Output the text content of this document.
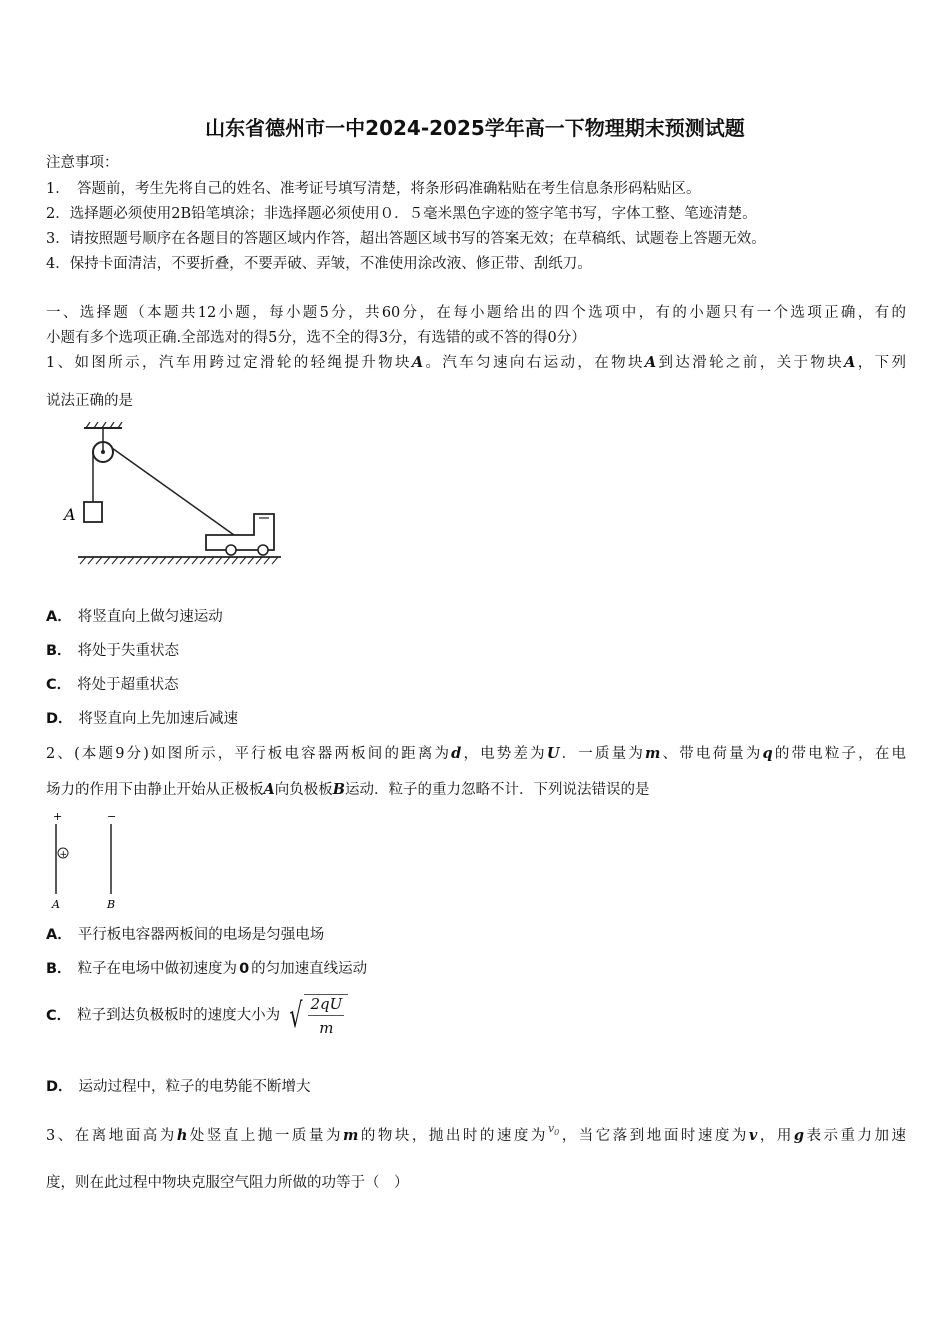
山东省德州市一中2024-2025学年高一下物理期末预测试题
注意事项：
1．　答题前，考生先将自己的姓名、准考证号填写清楚，将条形码准确粘贴在考生信息条形码粘贴区。
2．选择题必须使用2B铅笔填涂；非选择题必须使用０．５毫米黑色字迹的签字笔书写，字体工整、笔迹清楚。
3．请按照题号顺序在各题目的答题区域内作答，超出答题区域书写的答案无效；在草稿纸、试题卷上答题无效。
4．保持卡面清洁，不要折叠，不要弄破、弄皱，不准使用涂改液、修正带、刮纸刀。
一、选择题（本题共12小题，每小题5分，共60分，在每小题给出的四个选项中，有的小题只有一个选项正确，有的
小题有多个选项正确.全部选对的得5分，选不全的得3分，有选错的或不答的得0分）
1、如图所示，汽车用跨过定滑轮的轻绳提升物块A。汽车匀速向右运动，在物块A到达滑轮之前，关于物块A，下列
说法正确的是
A
A． 将竖直向上做匀速运动
B． 将处于失重状态
C． 将处于超重状态
D． 将竖直向上先加速后减速
2、(本题9分)如图所示，平行板电容器两板间的距离为d，电势差为U．一质量为m、带电荷量为q的带电粒子，在电
场力的作用下由静止开始从正极板A向负极板B运动．粒子的重力忽略不计．下列说法错误的是
+	−
+
A	B
A． 平行板电容器两板间的电场是匀强电场
B． 粒子在电场中做初速度为 0 的匀加速直线运动
C． 粒子到达负极板时的速度大小为 √ 2qU
m
D． 运动过程中，粒子的电势能不断增大
3、在离地面高为h处竖直上抛一质量为m的物块，抛出时的速度为$^{v_0}$，当它落到地面时速度为v，用g表示重力加速
度，则在此过程中物块克服空气阻力所做的功等于（　）
